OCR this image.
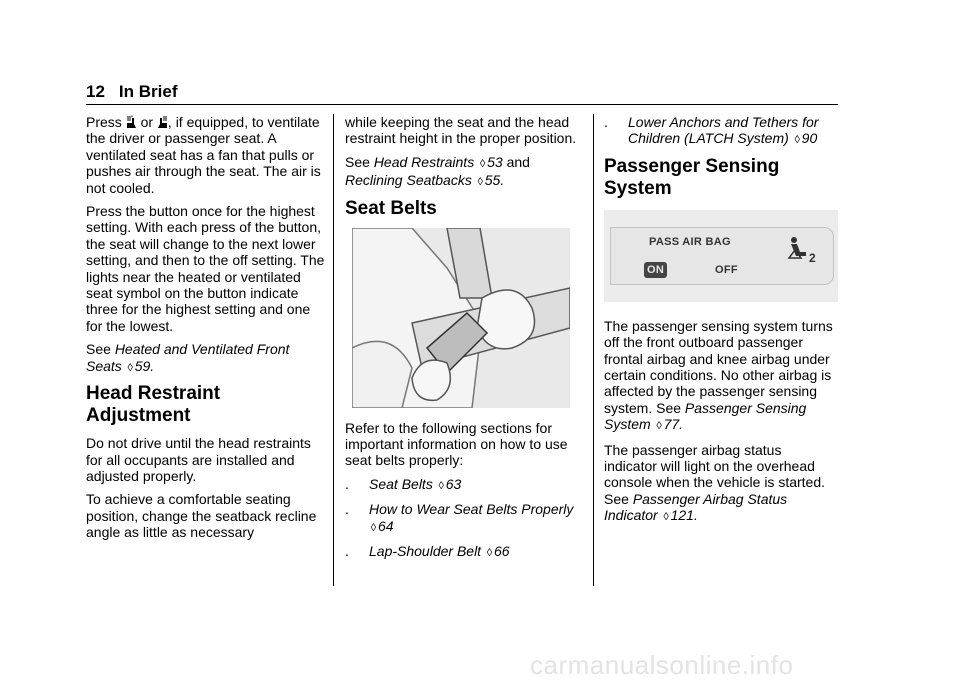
12 In Brief

Press or , if equipped, to ventilate the driver or passenger seat. A ventilated seat has a fan that pulls or pushes air through the seat. The air is not cooled.

Press the button once for the highest setting. With each press of the button, the seat will change to the next lower setting, and then to the off setting. The lights near the heated or ventilated seat symbol on the button indicate three for the highest setting and one for the lowest.

See Heated and Ventilated Front Seats ◊ 59.

Head Restraint Adjustment

Do not drive until the head restraints for all occupants are installed and adjusted properly.

To achieve a comfortable seating position, change the seatback recline angle as little as necessary

while keeping the seat and the head restraint height in the proper position.

See Head Restraints ◊ 53 and Reclining Seatbacks ◊ 55.

Seat Belts

Refer to the following sections for important information on how to use seat belts properly:

.	Seat Belts ◊ 63
.	How to Wear Seat Belts Properly
◊ 64
.	Lap-Shoulder Belt ◊ 66
.	Lower Anchors and Tethers for Children (LATCH System) ◊ 90
Passenger Sensing System
PASS AIR BAG
ON	OFF
2

The passenger sensing system turns off the front outboard passenger frontal airbag and knee airbag under certain conditions. No other airbag is affected by the passenger sensing system. See Passenger Sensing System ◊ 77.

The passenger airbag status indicator will light on the overhead console when the vehicle is started. See Passenger Airbag Status Indicator ◊ 121.

carmanualsonline.info
